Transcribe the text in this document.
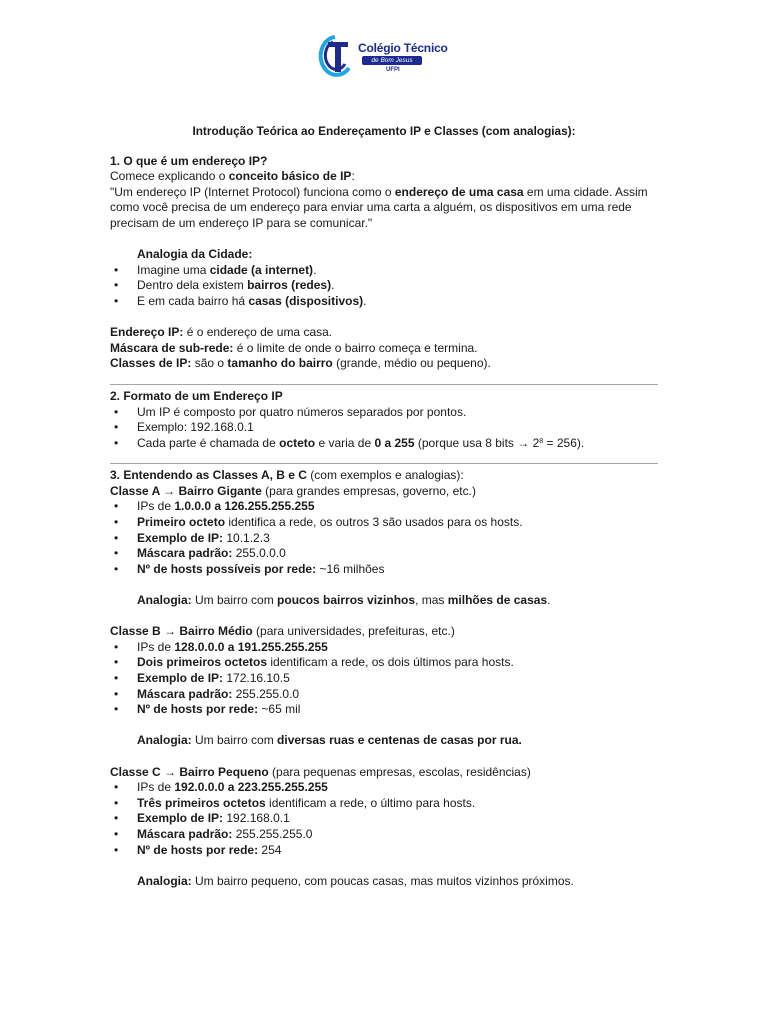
Colégio Técnico
de Bom Jesus
UFPI

Introdução Teórica ao Endereçamento IP e Classes (com analogias):

1. O que é um endereço IP?

Comece explicando o conceito básico de IP:

"Um endereço IP (Internet Protocol) funciona como o endereço de uma casa em uma cidade. Assim como você precisa de um endereço para enviar uma carta a alguém, os dispositivos em uma rede precisam de um endereço IP para se comunicar."

Analogia da Cidade:

• Imagine uma cidade (a internet).
• Dentro dela existem bairros (redes).
• E em cada bairro há casas (dispositivos).

Endereço IP: é o endereço de uma casa.

Máscara de sub-rede: é o limite de onde o bairro começa e termina.

Classes de IP: são o tamanho do bairro (grande, médio ou pequeno).

2. Formato de um Endereço IP

• Um IP é composto por quatro números separados por pontos.
• Exemplo: 192.168.0.1
• Cada parte é chamada de octeto e varia de 0 a 255 (porque usa 8 bits → $2^8 = 256$).

3. Entendendo as Classes A, B e C (com exemplos e analogias):

Classe A → Bairro Gigante (para grandes empresas, governo, etc.)

• IPs de 1.0.0.0 a 126.255.255.255
• Primeiro octeto identifica a rede, os outros 3 são usados para os hosts.
• Exemplo de IP: 10.1.2.3
• Máscara padrão: 255.0.0.0
• Nº de hosts possíveis por rede: ~16 milhões

Analogia: Um bairro com poucos bairros vizinhos, mas milhões de casas.

Classe B → Bairro Médio (para universidades, prefeituras, etc.)

• IPs de 128.0.0.0 a 191.255.255.255
• Dois primeiros octetos identificam a rede, os dois últimos para hosts.
• Exemplo de IP: 172.16.10.5
• Máscara padrão: 255.255.0.0
• Nº de hosts por rede: ~65 mil

Analogia: Um bairro com diversas ruas e centenas de casas por rua.

Classe C → Bairro Pequeno (para pequenas empresas, escolas, residências)

• IPs de 192.0.0.0 a 223.255.255.255
• Três primeiros octetos identificam a rede, o último para hosts.
• Exemplo de IP: 192.168.0.1
• Máscara padrão: 255.255.255.0
• Nº de hosts por rede: 254

Analogia: Um bairro pequeno, com poucas casas, mas muitos vizinhos próximos.
